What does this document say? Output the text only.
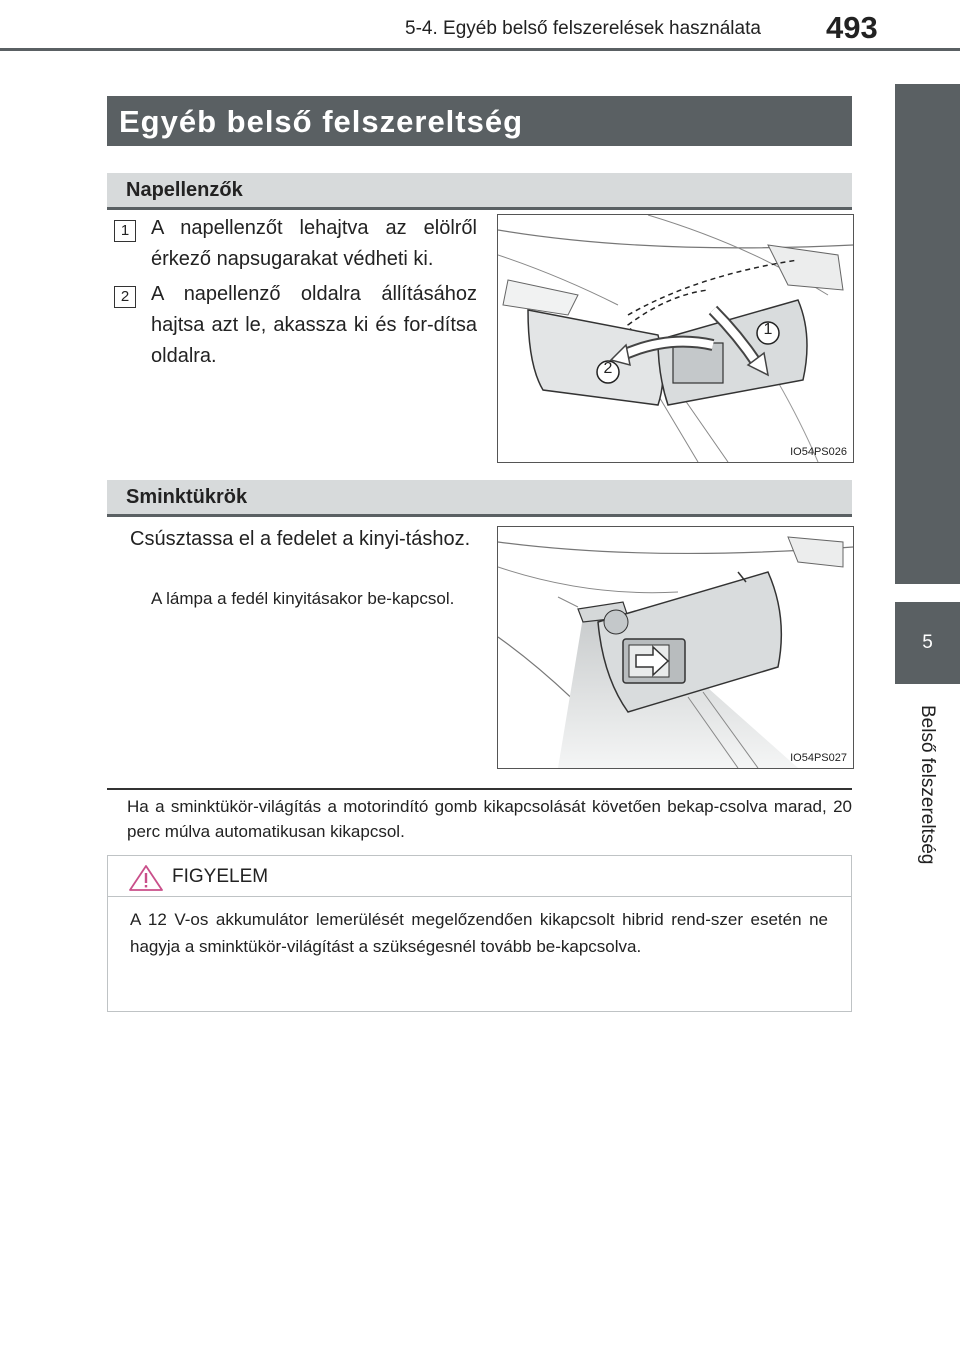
5-4. Egyéb belső felszerelések használata 493
5
Belső felszereltség
Egyéb belső felszereltség
Napellenzők
1	A napellenzőt lehajtva az elölről érkező napsugarakat védheti ki.
2	A napellenző oldalra állításához hajtsa azt le, akassza ki és for-dítsa oldalra.
1
2
IO54PS026
Sminktükrök
Csúsztassa el a fedelet a kinyi-táshoz.
A lámpa a fedél kinyitásakor be-kapcsol.
IO54PS027
Ha a sminktükör-világítás a motorindító gomb kikapcsolását követően bekap-csolva marad, 20 perc múlva automatikusan kikapcsol.
FIGYELEM
A 12 V-os akkumulátor lemerülését megelőzendően kikapcsolt hibrid rend-szer esetén ne hagyja a sminktükör-világítást a szükségesnél tovább be-kapcsolva.
